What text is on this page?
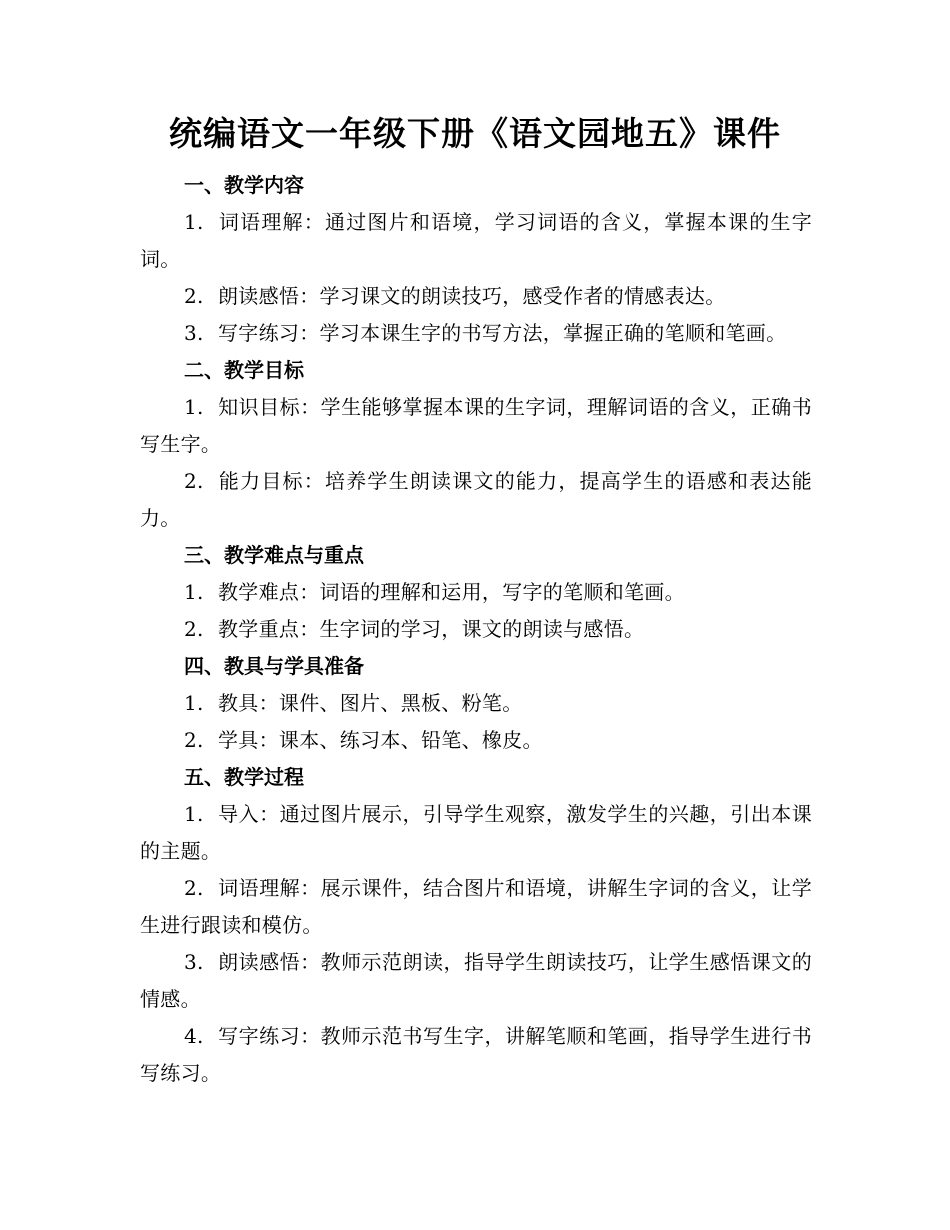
统编语文一年级下册《语文园地五》课件
一、教学内容
1. 词语理解：通过图片和语境，学习词语的含义，掌握本课的生字词。
2. 朗读感悟：学习课文的朗读技巧，感受作者的情感表达。
3. 写字练习：学习本课生字的书写方法，掌握正确的笔顺和笔画。
二、教学目标
1. 知识目标：学生能够掌握本课的生字词，理解词语的含义，正确书写生字。
2. 能力目标：培养学生朗读课文的能力，提高学生的语感和表达能力。
三、教学难点与重点
1. 教学难点：词语的理解和运用，写字的笔顺和笔画。
2. 教学重点：生字词的学习，课文的朗读与感悟。
四、教具与学具准备
1. 教具：课件、图片、黑板、粉笔。
2. 学具：课本、练习本、铅笔、橡皮。
五、教学过程
1. 导入：通过图片展示，引导学生观察，激发学生的兴趣，引出本课的主题。
2. 词语理解：展示课件，结合图片和语境，讲解生字词的含义，让学生进行跟读和模仿。
3. 朗读感悟：教师示范朗读，指导学生朗读技巧，让学生感悟课文的情感。
4. 写字练习：教师示范书写生字，讲解笔顺和笔画，指导学生进行书写练习。
